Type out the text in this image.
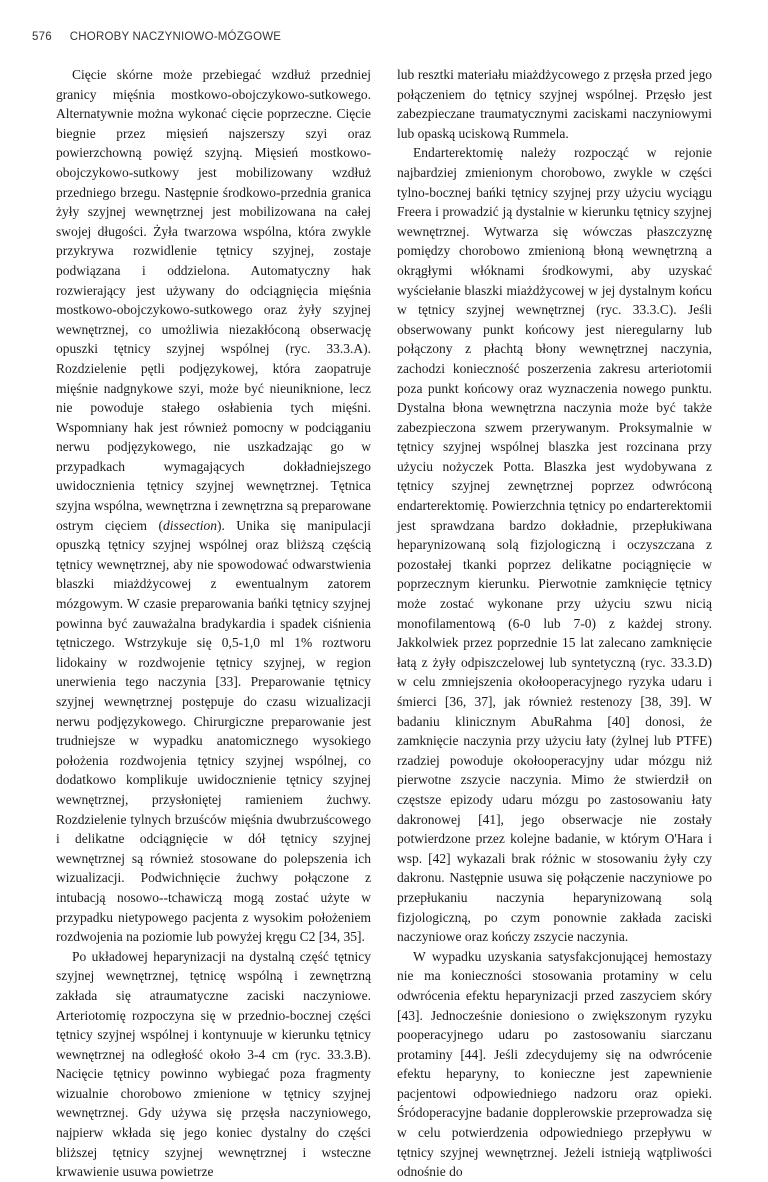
576 CHOROBY NACZYNIOWO-MÓZGOWE

Cięcie skórne może przebiegać wzdłuż przedniej granicy mięśnia mostkowo-obojczykowo-sutkowego. Alternatywnie można wykonać cięcie poprzeczne. Cięcie biegnie przez mięsień najszerszy szyi oraz powierzchowną powięź szyjną. Mięsień mostkowo-obojczykowo-sutkowy jest mobilizowany wzdłuż przedniego brzegu. Następnie środkowo-przednia granica żyły szyjnej wewnętrznej jest mobilizowana na całej swojej długości. Żyła twarzowa wspólna, która zwykle przykrywa rozwidlenie tętnicy szyjnej, zostaje podwiązana i oddzielona. Automatyczny hak rozwierający jest używany do odciągnięcia mięśnia mostkowo-obojczykowo-sutkowego oraz żyły szyjnej wewnętrznej, co umożliwia niezakłóconą obserwację opuszki tętnicy szyjnej wspólnej (ryc. 33.3.A). Rozdzielenie pętli podjęzykowej, która zaopatruje mięśnie nadgnykowe szyi, może być nieuniknione, lecz nie powoduje stałego osłabienia tych mięśni. Wspomniany hak jest również pomocny w podciąganiu nerwu podjęzykowego, nie uszkadzając go w przypadkach wymagających dokładniejszego uwidocznienia tętnicy szyjnej wewnętrznej. Tętnica szyjna wspólna, wewnętrzna i zewnętrzna są preparowane ostrym cięciem (dissection). Unika się manipulacji opuszką tętnicy szyjnej wspólnej oraz bliższą częścią tętnicy wewnętrznej, aby nie spowodować odwarstwienia blaszki miażdżycowej z ewentualnym zatorem mózgowym. W czasie preparowania bańki tętnicy szyjnej powinna być zauważalna bradykardia i spadek ciśnienia tętniczego. Wstrzykuje się 0,5-1,0 ml 1% roztworu lidokainy w rozdwojenie tętnicy szyjnej, w region unerwienia tego naczynia [33]. Preparowanie tętnicy szyjnej wewnętrznej postępuje do czasu wizualizacji nerwu podjęzykowego. Chirurgiczne preparowanie jest trudniejsze w wypadku anatomicznego wysokiego położenia rozdwojenia tętnicy szyjnej wspólnej, co dodatkowo komplikuje uwidocznienie tętnicy szyjnej wewnętrznej, przysłoniętej ramieniem żuchwy. Rozdzielenie tylnych brzuśców mięśnia dwubrzuścowego i delikatne odciągnięcie w dół tętnicy szyjnej wewnętrznej są również stosowane do polepszenia ich wizualizacji. Podwichnięcie żuchwy połączone z intubacją nosowo--tchawiczą mogą zostać użyte w przypadku nietypowego pacjenta z wysokim położeniem rozdwojenia na poziomie lub powyżej kręgu C2 [34, 35].

Po układowej heparynizacji na dystalną część tętnicy szyjnej wewnętrznej, tętnicę wspólną i zewnętrzną zakłada się atraumatyczne zaciski naczyniowe. Arteriotomię rozpoczyna się w przednio-bocznej części tętnicy szyjnej wspólnej i kontynuuje w kierunku tętnicy wewnętrznej na odległość około 3-4 cm (ryc. 33.3.B). Nacięcie tętnicy powinno wybiegać poza fragmenty wizualnie chorobowo zmienione w tętnicy szyjnej wewnętrznej. Gdy używa się przęsła naczyniowego, najpierw wkłada się jego koniec dystalny do części bliższej tętnicy szyjnej wewnętrznej i wsteczne krwawienie usuwa powietrze

lub resztki materiału miażdżycowego z przęsła przed jego połączeniem do tętnicy szyjnej wspólnej. Przęsło jest zabezpieczane traumatycznymi zaciskami naczyniowymi lub opaską uciskową Rummela.

Endarterektomię należy rozpocząć w rejonie najbardziej zmienionym chorobowo, zwykle w części tylno-bocznej bańki tętnicy szyjnej przy użyciu wyciągu Freera i prowadzić ją dystalnie w kierunku tętnicy szyjnej wewnętrznej. Wytwarza się wówczas płaszczyznę pomiędzy chorobowo zmienioną błoną wewnętrzną a okrągłymi włóknami środkowymi, aby uzyskać wyściełanie blaszki miażdżycowej w jej dystalnym końcu w tętnicy szyjnej wewnętrznej (ryc. 33.3.C). Jeśli obserwowany punkt końcowy jest nieregularny lub połączony z płachtą błony wewnętrznej naczynia, zachodzi konieczność poszerzenia zakresu arteriotomii poza punkt końcowy oraz wyznaczenia nowego punktu. Dystalna błona wewnętrzna naczynia może być także zabezpieczona szwem przerywanym. Proksymalnie w tętnicy szyjnej wspólnej blaszka jest rozcinana przy użyciu nożyczek Potta. Blaszka jest wydobywana z tętnicy szyjnej zewnętrznej poprzez odwróconą endarterektomię. Powierzchnia tętnicy po endarterektomii jest sprawdzana bardzo dokładnie, przepłukiwana heparynizowaną solą fizjologiczną i oczyszczana z pozostałej tkanki poprzez delikatne pociągnięcie w poprzecznym kierunku. Pierwotnie zamknięcie tętnicy może zostać wykonane przy użyciu szwu nicią monofilamentową (6-0 lub 7-0) z każdej strony. Jakkolwiek przez poprzednie 15 lat zalecano zamknięcie łatą z żyły odpiszczelowej lub syntetyczną (ryc. 33.3.D) w celu zmniejszenia okołooperacyjnego ryzyka udaru i śmierci [36, 37], jak również restenozy [38, 39]. W badaniu klinicznym AbuRahma [40] donosi, że zamknięcie naczynia przy użyciu łaty (żylnej lub PTFE) rzadziej powoduje okołooperacyjny udar mózgu niż pierwotne zszycie naczynia. Mimo że stwierdził on częstsze epizody udaru mózgu po zastosowaniu łaty dakronowej [41], jego obserwacje nie zostały potwierdzone przez kolejne badanie, w którym O'Hara i wsp. [42] wykazali brak różnic w stosowaniu żyły czy dakronu. Następnie usuwa się połączenie naczyniowe po przepłukaniu naczynia heparynizowaną solą fizjologiczną, po czym ponownie zakłada zaciski naczyniowe oraz kończy zszycie naczynia.

W wypadku uzyskania satysfakcjonującej hemostazy nie ma konieczności stosowania protaminy w celu odwrócenia efektu heparynizacji przed zaszyciem skóry [43]. Jednocześnie doniesiono o zwiększonym ryzyku pooperacyjnego udaru po zastosowaniu siarczanu protaminy [44]. Jeśli zdecydujemy się na odwrócenie efektu heparyny, to konieczne jest zapewnienie pacjentowi odpowiedniego nadzoru oraz opieki. Śródoperacyjne badanie dopplerowskie przeprowadza się w celu potwierdzenia odpowiedniego przepływu w tętnicy szyjnej wewnętrznej. Jeżeli istnieją wątpliwości odnośnie do
